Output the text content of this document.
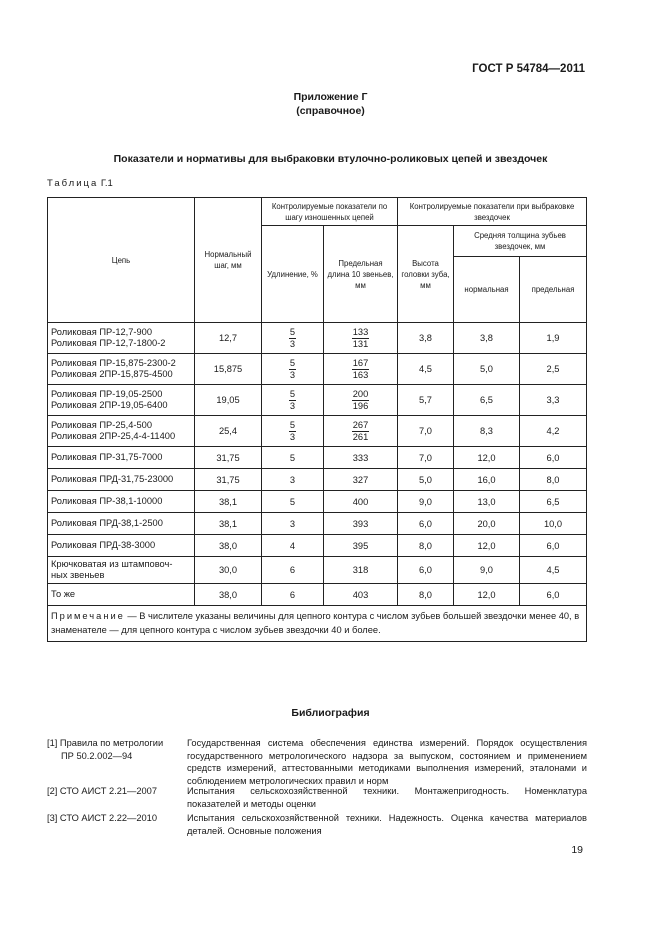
ГОСТ Р 54784—2011
Приложение Г
(справочное)
Показатели и нормативы для выбраковки втулочно-роликовых цепей и звездочек
Таблица Г.1
Цепь	Нормальный шаг, мм	Контролируемые показатели по шагу изношенных цепей		Контролируемые показатели при выбраковке звездочек		
		Удлинение, %	Предельная длина 10 звеньев, мм	Высота головки зуба, мм	Средняя толщина зубьев звездочек, мм	
					нормальная	предельная

Роликовая ПР-12,7-900
Роликовая ПР-12,7-1800-2	12,7	$\frac{5}{3}$	$\frac{133}{131}$	3,8	3,8	1,9

Роликовая ПР-15,875-2300-2
Роликовая 2ПР-15,875-4500	15,875	$\frac{5}{3}$	$\frac{167}{163}$	4,5	5,0	2,5

Роликовая ПР-19,05-2500
Роликовая 2ПР-19,05-6400	19,05	$\frac{5}{3}$	$\frac{200}{196}$	5,7	6,5	3,3

Роликовая ПР-25,4-500
Роликовая 2ПР-25,4-4-11400	25,4	$\frac{5}{3}$	$\frac{267}{261}$	7,0	8,3	4,2

Роликовая ПР-31,75-7000	31,75	5	333	7,0	12,0	6,0

Роликовая ПРД-31,75-23000	31,75	3	327	5,0	16,0	8,0

Роликовая ПР-38,1-10000	38,1	5	400	9,0	13,0	6,5

Роликовая ПРД-38,1-2500	38,1	3	393	6,0	20,0	10,0

Роликовая ПРД-38-3000	38,0	4	395	8,0	12,0	6,0

Крючковатая из штамповоч-
ных звеньев	30,0	6	318	6,0	9,0	4,5

То же	38,0	6	403	8,0	12,0	6,0
Примечание — В числителе указаны величины для цепного контура с числом зубьев большей звездочки менее 40, в знаменателе — для цепного контура с числом зубьев звездочки 40 и более.						
Библиография
[1] Правила по метрологии
ПР 50.2.002—94
Государственная система обеспечения единства измерений. Порядок осуществления государственного метрологического надзора за выпуском, состоянием и применением средств измерений, аттестованными методиками выполнения измерений, эталонами и соблюдением метрологических правил и норм
[2] СТО АИСТ 2.21—2007	Испытания сельскохозяйственной техники. Монтажепригодность. Номенклатура показателей и методы оценки
[3] СТО АИСТ 2.22—2010	Испытания сельскохозяйственной техники. Надежность. Оценка качества материалов деталей. Основные положения
19
